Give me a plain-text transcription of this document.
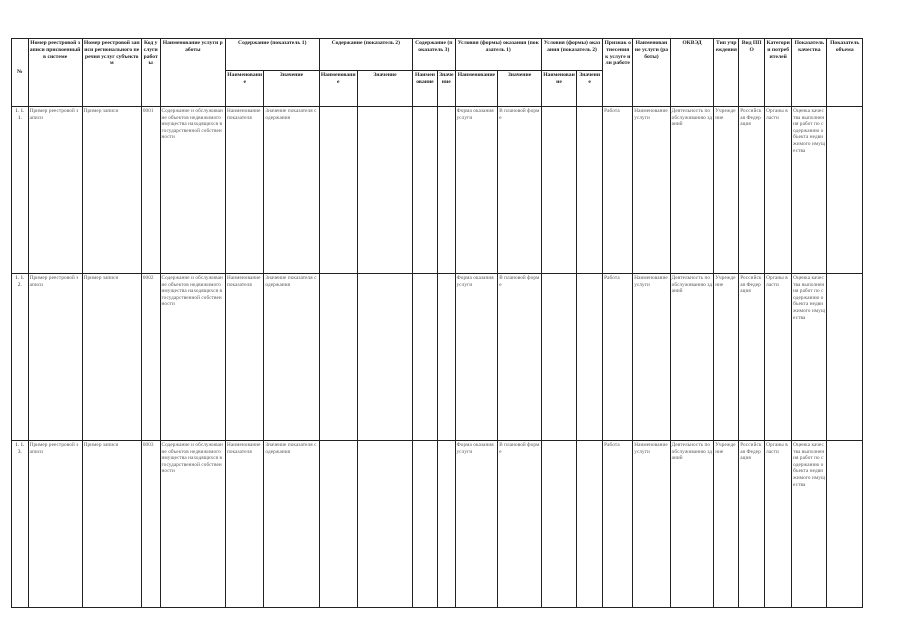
№	Номер реестровой записи присвоенный в системе	Номер реестровой записи регионального перечня услуг субъектом	Код услуги работы	Наименование услуги работы	Содержание (показатель 1)		Содержание (показатель 2)		Содержание (показатель 3)		Условия (формы) оказания (показатель 1)		Условия (формы) оказания (показатель 2)		Признак отнесения к услуге или работе	Наименование услуги (работы)	ОКВЭД	Тип учреждения	Вид ППО	Категории потребителей	Показатель качества	Показатель объема
					Наименование	Значение	Наименование	Значение	Наименование	Значение	Наименование	Значение	Наименование	Значение								
1. 1. 1.	Пример реестровой записи	Пример записи	0001	Содержание и обслуживание объектов недвижимого имущества находящихся в государственной собственности	Наименование показателя	Значение показателя содержания					Форма оказания услуги	В плановой форме			Работа	Наименование услуги	Деятельность по обслуживанию зданий	Учреждение	Российская Федерация	Органы власти	Оценка качества выполнения работ по содержанию объекта недвижимого имущества	
1. 1. 2.	Пример реестровой записи	Пример записи	0002	Содержание и обслуживание объектов недвижимого имущества находящихся в государственной собственности	Наименование показателя	Значение показателя содержания					Форма оказания услуги	В плановой форме			Работа	Наименование услуги	Деятельность по обслуживанию зданий	Учреждение	Российская Федерация	Органы власти	Оценка качества выполнения работ по содержанию объекта недвижимого имущества	
1. 1. 3.	Пример реестровой записи	Пример записи	0003	Содержание и обслуживание объектов недвижимого имущества находящихся в государственной собственности	Наименование показателя	Значение показателя содержания					Форма оказания услуги	В плановой форме			Работа	Наименование услуги	Деятельность по обслуживанию зданий	Учреждение	Российская Федерация	Органы власти	Оценка качества выполнения работ по содержанию объекта недвижимого имущества	
